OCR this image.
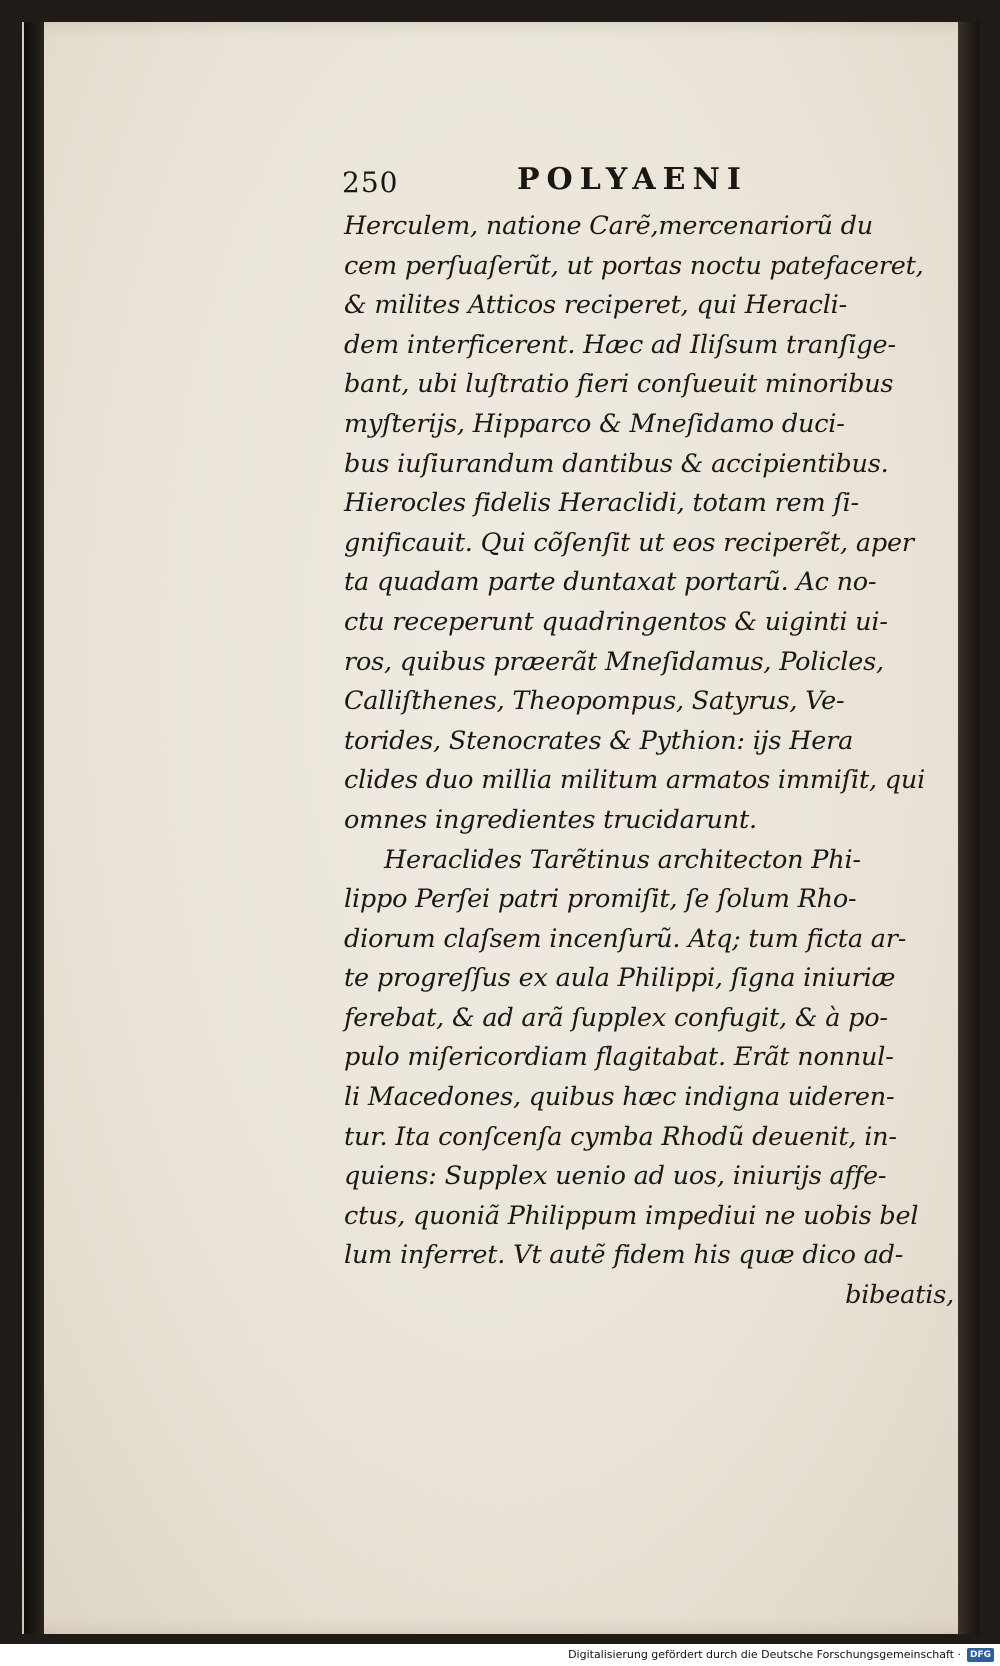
250	POLYAENI
Herculem, natione Carẽ,mercenariorũ du
cem perſuaſerũt, ut portas noctu patefaceret,
& milites Atticos reciperet, qui Heracli-
dem interficerent. Hæc ad Iliſsum tranſige-
bant, ubi luſtratio fieri conſueuit minoribus
myſterijs, Hipparco & Mneſidamo duci-
bus iuſiurandum dantibus & accipientibus.
Hierocles fidelis Heraclidi, totam rem ſi-
gnificauit. Qui cõſenſit ut eos reciperẽt, aper
ta quadam parte duntaxat portarũ. Ac no-
ctu receperunt quadringentos & uiginti ui-
ros, quibus præerãt Mneſidamus, Policles,
Calliſthenes, Theopompus, Satyrus, Ve-
torides, Stenocrates & Pythion: ijs Hera
clides duo millia militum armatos immiſit, qui
omnes ingredientes trucidarunt.
Heraclides Tarẽtinus architecton Phi-
lippo Perſei patri promiſit, ſe ſolum Rho-
diorum claſsem incenſurũ. Atq; tum ficta ar-
te progreſſus ex aula Philippi, ſigna iniuriæ
ferebat, & ad arã ſupplex confugit, & à po-
pulo miſericordiam flagitabat. Erãt nonnul-
li Macedones, quibus hæc indigna uideren-
tur. Ita conſcenſa cymba Rhodũ deuenit, in-
quiens: Supplex uenio ad uos, iniurijs affe-
ctus, quoniã Philippum impediui ne uobis bel
lum inferret. Vt autẽ fidem his quæ dico ad-
bibeatis,
Digitalisierung gefördert durch die Deutsche Forschungsgemeinschaft · DFG
